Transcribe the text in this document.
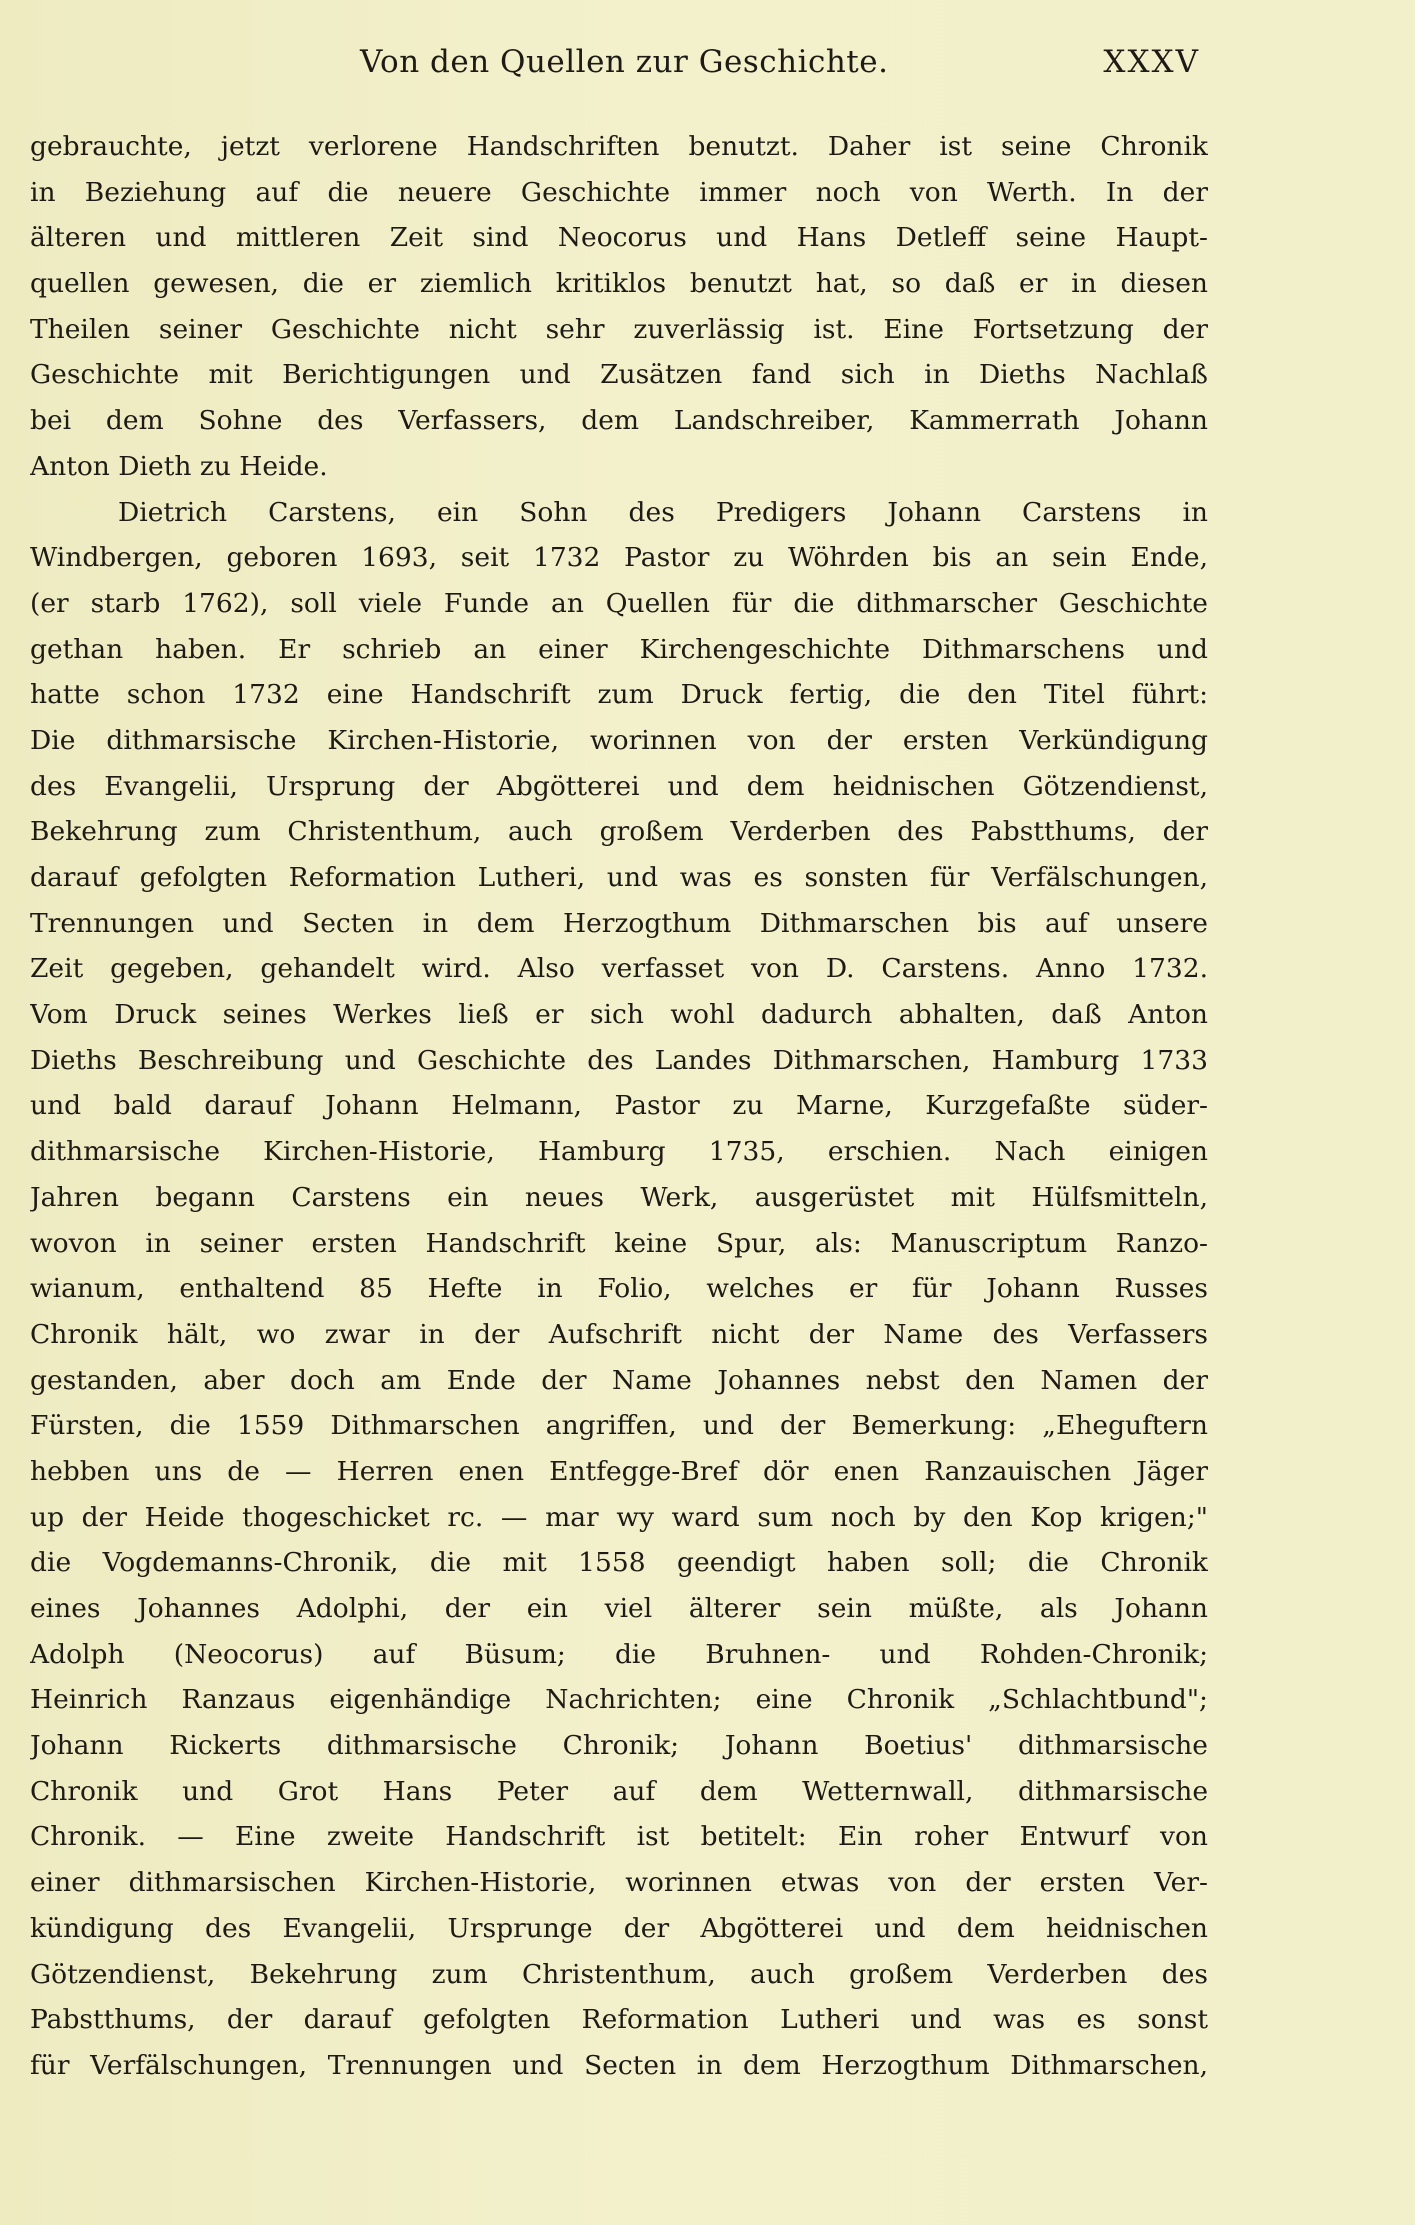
Von den Quellen zur Geschichte.	XXXV
gebrauchte, jetzt verlorene Handschriften benutzt. Daher ist seine Chronik
in Beziehung auf die neuere Geschichte immer noch von Werth. In der
älteren und mittleren Zeit sind Neocorus und Hans Detleff seine Haupt-
quellen gewesen, die er ziemlich kritiklos benutzt hat, so daß er in diesen
Theilen seiner Geschichte nicht sehr zuverlässig ist. Eine Fortsetzung der
Geschichte mit Berichtigungen und Zusätzen fand sich in Dieths Nachlaß
bei dem Sohne des Verfassers, dem Landschreiber, Kammerrath Johann
Anton Dieth zu Heide.
Dietrich Carstens, ein Sohn des Predigers Johann Carstens in
Windbergen, geboren 1693, seit 1732 Pastor zu Wöhrden bis an sein Ende,
(er starb 1762), soll viele Funde an Quellen für die dithmarscher Geschichte
gethan haben. Er schrieb an einer Kirchengeschichte Dithmarschens und
hatte schon 1732 eine Handschrift zum Druck fertig, die den Titel führt:
Die dithmarsische Kirchen-Historie, worinnen von der ersten Verkündigung
des Evangelii, Ursprung der Abgötterei und dem heidnischen Götzendienst,
Bekehrung zum Christenthum, auch großem Verderben des Pabstthums, der
darauf gefolgten Reformation Lutheri, und was es sonsten für Verfälschungen,
Trennungen und Secten in dem Herzogthum Dithmarschen bis auf unsere
Zeit gegeben, gehandelt wird. Also verfasset von D. Carstens. Anno 1732.
Vom Druck seines Werkes ließ er sich wohl dadurch abhalten, daß Anton
Dieths Beschreibung und Geschichte des Landes Dithmarschen, Hamburg 1733
und bald darauf Johann Helmann, Pastor zu Marne, Kurzgefaßte süder-
dithmarsische Kirchen-Historie, Hamburg 1735, erschien. Nach einigen
Jahren begann Carstens ein neues Werk, ausgerüstet mit Hülfsmitteln,
wovon in seiner ersten Handschrift keine Spur, als: Manuscriptum Ranzo-
wianum, enthaltend 85 Hefte in Folio, welches er für Johann Russes
Chronik hält, wo zwar in der Aufschrift nicht der Name des Verfassers
gestanden, aber doch am Ende der Name Johannes nebst den Namen der
Fürsten, die 1559 Dithmarschen angriffen, und der Bemerkung: „Eheguftern
hebben uns de — Herren enen Entfegge-Bref dör enen Ranzauischen Jäger
up der Heide thogeschicket rc. — mar wy ward sum noch by den Kop krigen;"
die Vogdemanns-Chronik, die mit 1558 geendigt haben soll; die Chronik
eines Johannes Adolphi, der ein viel älterer sein müßte, als Johann
Adolph (Neocorus) auf Büsum; die Bruhnen- und Rohden-Chronik;
Heinrich Ranzaus eigenhändige Nachrichten; eine Chronik „Schlachtbund";
Johann Rickerts dithmarsische Chronik; Johann Boetius' dithmarsische
Chronik und Grot Hans Peter auf dem Wetternwall, dithmarsische
Chronik. — Eine zweite Handschrift ist betitelt: Ein roher Entwurf von
einer dithmarsischen Kirchen-Historie, worinnen etwas von der ersten Ver-
kündigung des Evangelii, Ursprunge der Abgötterei und dem heidnischen
Götzendienst, Bekehrung zum Christenthum, auch großem Verderben des
Pabstthums, der darauf gefolgten Reformation Lutheri und was es sonst
für Verfälschungen, Trennungen und Secten in dem Herzogthum Dithmarschen,
